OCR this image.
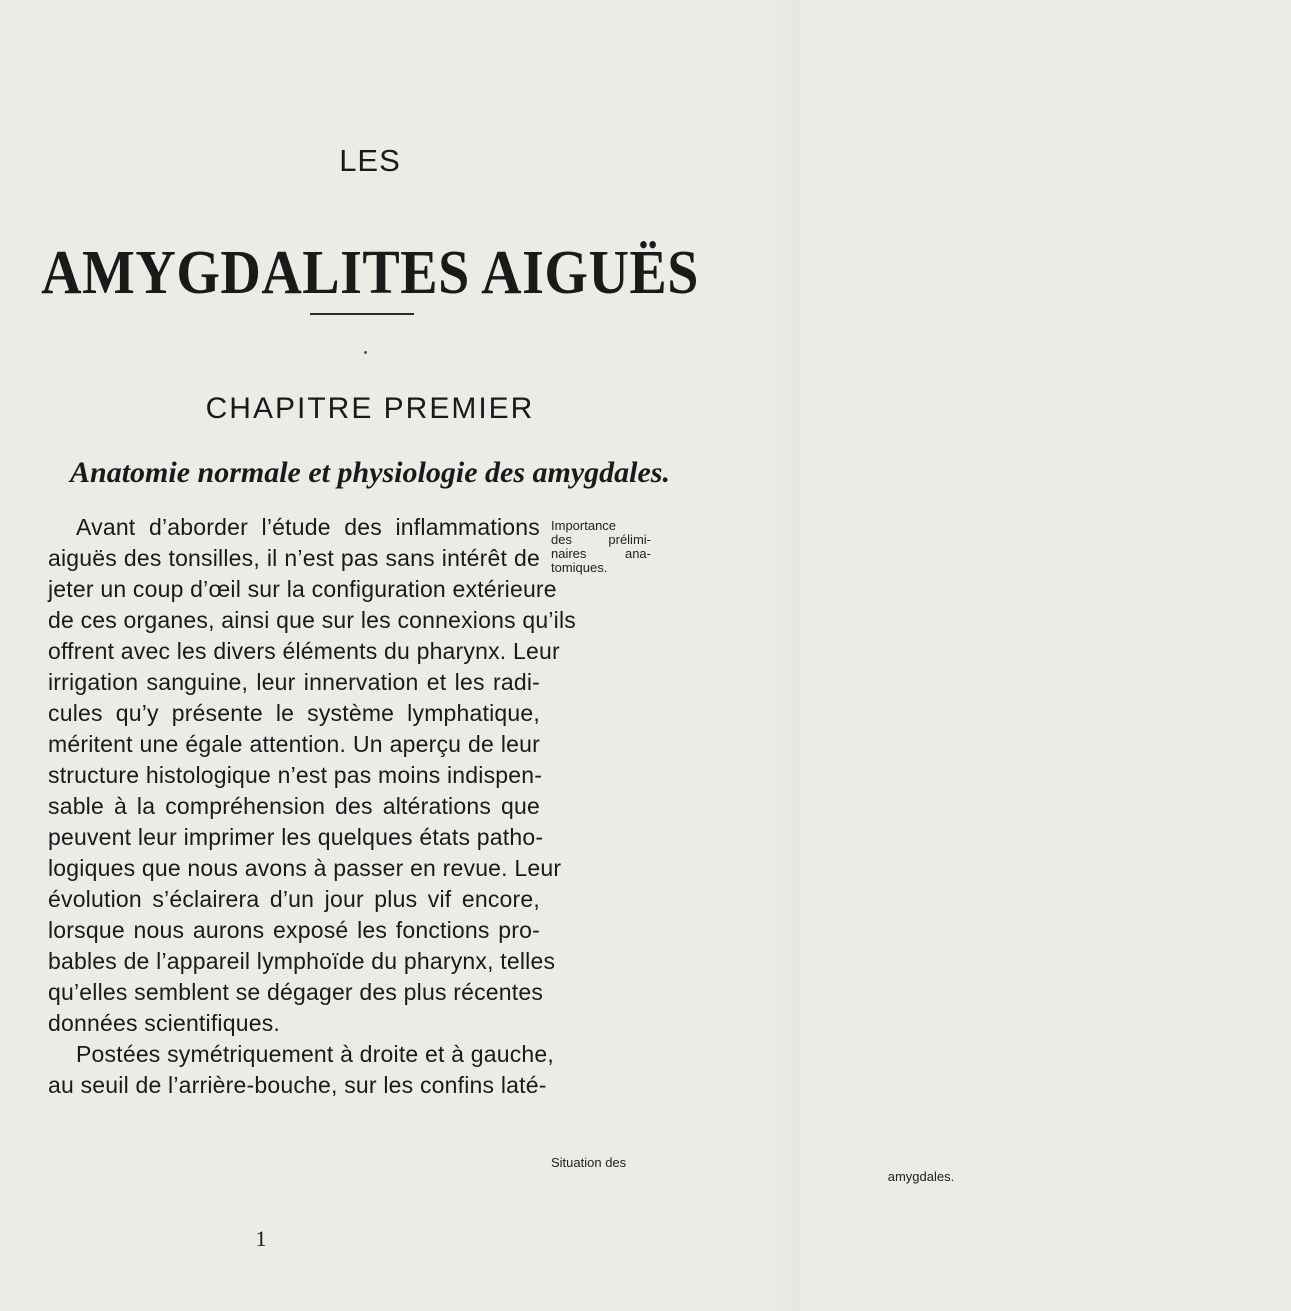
LES
AMYGDALITES AIGUËS
CHAPITRE PREMIER
Anatomie normale et physiologie des amygdales.
Avant d’aborder l’étude des inflammations
aiguës des tonsilles, il n’est pas sans intérêt de
jeter un coup d’œil sur la configuration extérieure
de ces organes, ainsi que sur les connexions qu’ils
offrent avec les divers éléments du pharynx. Leur
irrigation sanguine, leur innervation et les radi-
cules qu’y présente le système lymphatique,
méritent une égale attention. Un aperçu de leur
structure histologique n’est pas moins indispen-
sable à la compréhension des altérations que
peuvent leur imprimer les quelques états patho-
logiques que nous avons à passer en revue. Leur
évolution s’éclairera d’un jour plus vif encore,
lorsque nous aurons exposé les fonctions pro-
bables de l’appareil lymphoïde du pharynx, telles
qu’elles semblent se dégager des plus récentes
données scientifiques.
Postées symétriquement à droite et à gauche,
au seuil de l’arrière-bouche, sur les confins laté-
Importance
des prélimi-
naires ana-
tomiques.
Situation des
amygdales.
1
